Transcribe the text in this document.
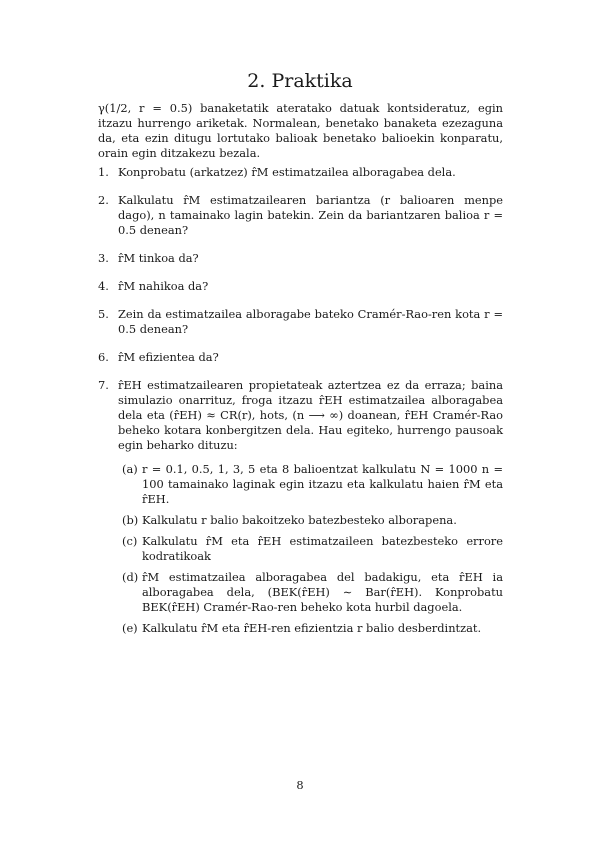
2. Praktika
γ(1/2, r = 0.5) banaketatik ateratako datuak kontsideratuz, egin itzazu hurrengo ariketak. Normalean, benetako banaketa ezezaguna da, eta ezin ditugu lortutako balioak benetako balioekin konparatu, orain egin ditzakezu bezala.
1. Konprobatu (arkatzez) r̂M estimatzailea alboragabea dela.
2. Kalkulatu r̂M estimatzailearen bariantza (r balioaren menpe dago), n tamainako lagin batekin. Zein da bariantzaren balioa r = 0.5 denean?
3. r̂M tinkoa da?
4. r̂M nahikoa da?
5. Zein da estimatzailea alboragabe bateko Cramér-Rao-ren kota r = 0.5 denean?
6. r̂M efizientea da?
7. r̂EH estimatzailearen propietateak aztertzea ez da erraza; baina simulazio onarrituz, froga itzazu r̂EH estimatzailea alboragabea dela eta (r̂EH) ≈ CR(r), hots, (n ⟶ ∞) doanean, r̂EH Cramér-Rao beheko kotara konbergitzen dela. Hau egiteko, hurrengo pausoak egin beharko dituzu:
(a) r = 0.1, 0.5, 1, 3, 5 eta 8 balioentzat kalkulatu N = 1000 n = 100 tamainako laginak egin itzazu eta kalkulatu haien r̂M eta r̂EH.
(b) Kalkulatu r balio bakoitzeko batezbesteko alborapena.
(c) Kalkulatu r̂M eta r̂EH estimatzaileen batezbesteko errore kodratikoak
(d) r̂M estimatzailea alboragabea del badakigu, eta r̂EH ia alboragabea dela, (BEK(r̂EH) ∼ Bar(r̂EH). Konprobatu BEK(r̂EH) Cramér-Rao-ren beheko kota hurbil dagoela.
(e) Kalkulatu r̂M eta r̂EH-ren efizientzia r balio desberdintzat.
8
